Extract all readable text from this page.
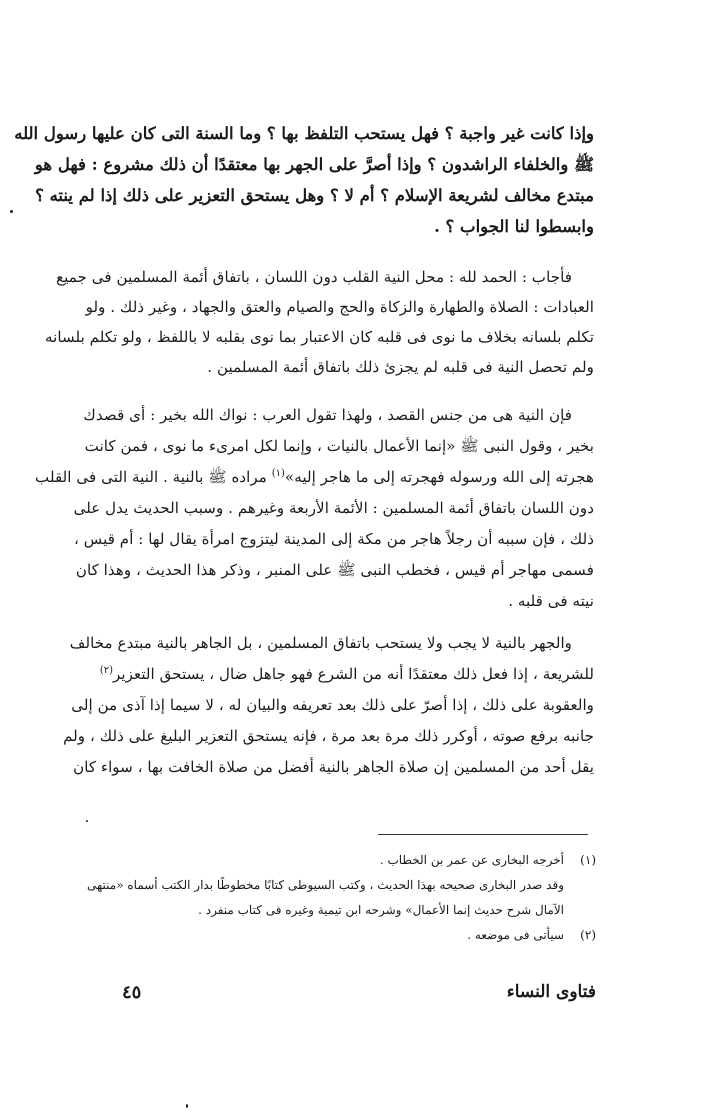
وإذا كانت غير واجبة ؟ فهل يستحب التلفظ بها ؟ وما السنة التى كان عليها رسول الله
ﷺ والخلفاء الراشدون ؟ وإذا أصرَّ على الجهر بها معتقدًا أن ذلك مشروع : فهل هو
مبتدع مخالف لشريعة الإسلام ؟ أم لا ؟ وهل يستحق التعزير على ذلك إذا لم ينته ؟
وابسطوا لنا الجواب ؟ .
فأجاب : الحمد لله : محل النية القلب دون اللسان ، باتفاق أئمة المسلمين فى جميع
العبادات : الصلاة والطهارة والزكاة والحج والصيام والعتق والجهاد ، وغير ذلك . ولو
تكلم بلسانه بخلاف ما نوى فى قلبه كان الاعتبار بما نوى بقلبه لا باللفظ ، ولو تكلم بلسانه
ولم تحصل النية فى قلبه لم يجزئ ذلك باتفاق أئمة المسلمين .
فإن النية هى من جنس القصد ، ولهذا تقول العرب : نواك الله بخير : أى قصدك
بخير ، وقول النبى ﷺ «إنما الأعمال بالنيات ، وإنما لكل امرىء ما نوى ، فمن كانت
هجرته إلى الله ورسوله فهجرته إلى ما هاجر إليه»$^{(١)}$ مراده ﷺ بالنية . النية التى فى القلب
دون اللسان باتفاق أئمة المسلمين : الأئمة الأربعة وغيرهم . وسبب الحديث يدل على
ذلك ، فإن سببه أن رجلاً هاجر من مكة إلى المدينة ليتزوج امرأة يقال لها : أم قيس ،
فسمى مهاجر أم قيس ، فخطب النبى ﷺ على المنبر ، وذكر هذا الحديث ، وهذا كان
نيته فى قلبه .
والجهر بالنية لا يجب ولا يستحب باتفاق المسلمين ، بل الجاهر بالنية مبتدع مخالف
للشريعة ، إذا فعل ذلك معتقدًا أنه من الشرع فهو جاهل ضال ، يستحق التعزير$^{(٢)}$
والعقوبة على ذلك ، إذا أصرّ على ذلك بعد تعريفه والبيان له ، لا سيما إذا آذى من إلى
جانبه برفع صوته ، أوكرر ذلك مرة بعد مرة ، فإنه يستحق التعزير البليغ على ذلك ، ولم
يقل أحد من المسلمين إن صلاة الجاهر بالنية أفضل من صلاة الخافت بها ، سواء كان
(١)أخرجه البخارى عن عمر بن الخطاب .
وقد صدر البخارى صحيحه بهذا الحديث ، وكتب السيوطى كتابًا مخطوطًا بدار الكتب أسماه «منتهى
الآمال شرح حديث إنما الأعمال» وشرحه ابن تيمية وغيره فى كتاب منفرد .
(٢)سيأتى فى موضعه .
٤٥	فتاوى النساء
